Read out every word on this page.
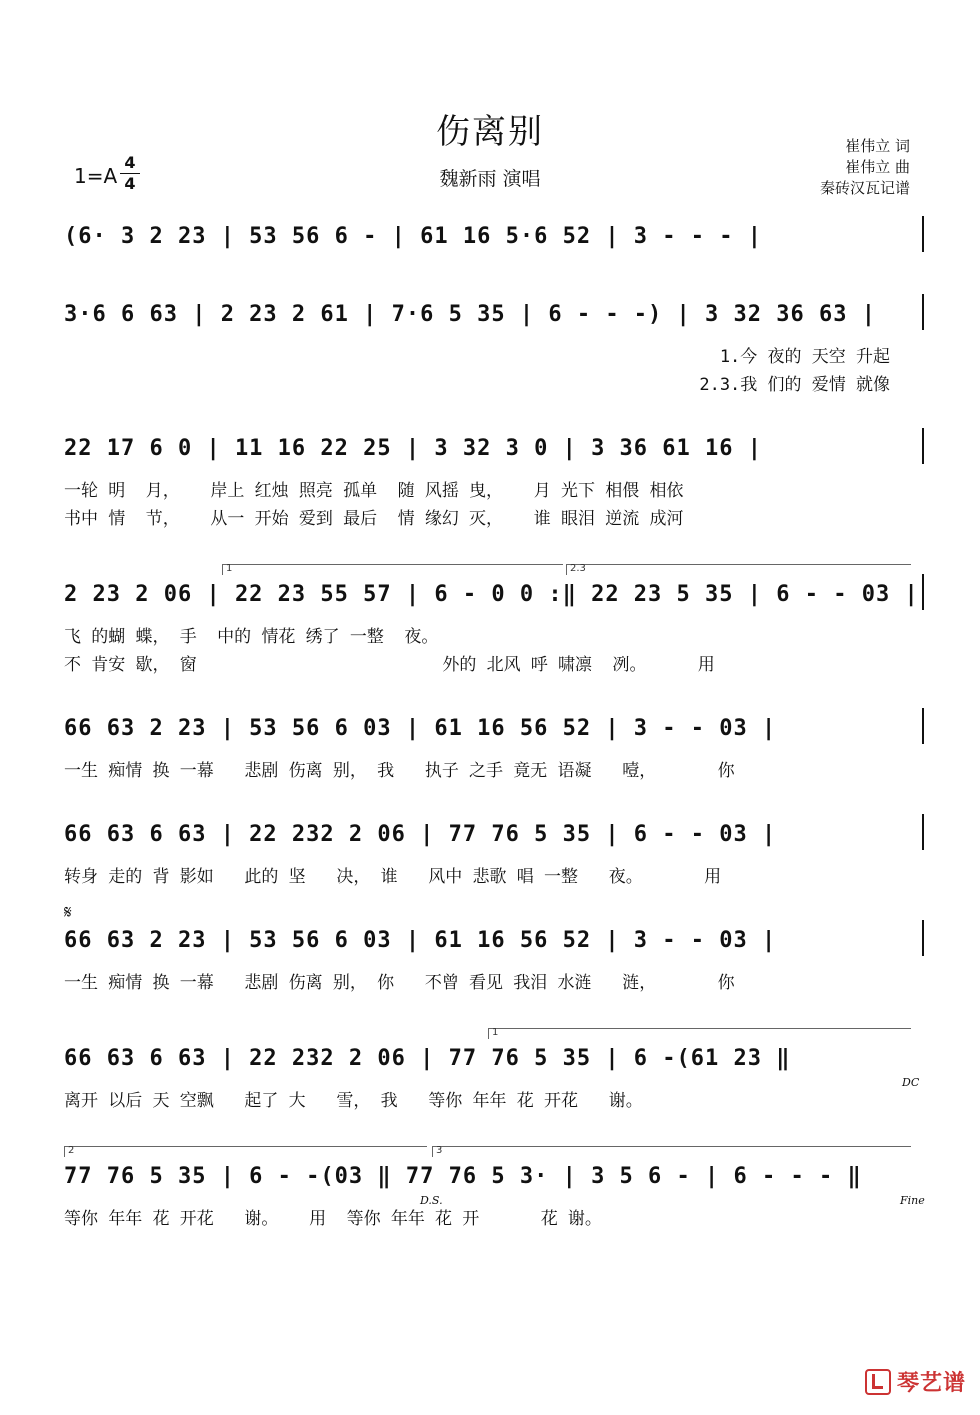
伤离别
魏新雨 演唱
崔伟立 词
崔伟立 曲
秦砖汉瓦记谱
1=A
4
4
(6· 3 2 23 | 53 56 6 - | 61 16 5·6 52 | 3 - - - |
3·6 6 63 | 2 23 2 61 | 7·6 5 35 | 6 - - -) | 3 32 36 63 |
1.今 夜的 天空 升起
2.3.我 们的 爱情 就像
22 17 6 0 | 11 16 22 25 | 3 32 3 0 | 3 36 61 16 |
一轮 明  月，   岸上 红烛 照亮 孤单  随 风摇 曳，   月 光下 相偎 相依
书中 情  节，   从一 开始 爱到 最后  情 缘幻 灭，   谁 眼泪 逆流 成河
1	2.3
2 23 2 06 | 22 23 55 57 | 6 - 0 0 :‖ 22 23 5 35 | 6 - - 03 |
飞 的蝴 蝶， 手  中的 情花 绣了 一整  夜。
不 肯安 歇， 窗                        外的 北风 呼 啸凛  冽。     用
66 63 2 23 | 53 56 6 03 | 61 16 56 52 | 3 - - 03 |
一生 痴情 换 一幕   悲剧 伤离 别， 我   执子 之手 竟无 语凝   噎，      你
66 63 6 63 | 22 232 2 06 | 77 76 5 35 | 6 - - 03 |
转身 走的 背 影如   此的 坚   决， 谁   风中 悲歌 唱 一整   夜。      用
𝄋
66 63 2 23 | 53 56 6 03 | 61 16 56 52 | 3 - - 03 |
一生 痴情 换 一幕   悲剧 伤离 别， 你   不曾 看见 我泪 水涟   涟，      你
1
66 63 6 63 | 22 232 2 06 | 77 76 5 35 | 6 -(61 23 ‖
DC
离开 以后 天 空飘   起了 大   雪， 我   等你 年年 花 开花   谢。
2	3
77 76 5 35 | 6 - -(03 ‖ 77 76 5 3· | 3 5 6 - | 6 - - - ‖
D.S.	Fine
等你 年年 花 开花   谢。   用  等你 年年 花 开      花 谢。
琴艺谱
